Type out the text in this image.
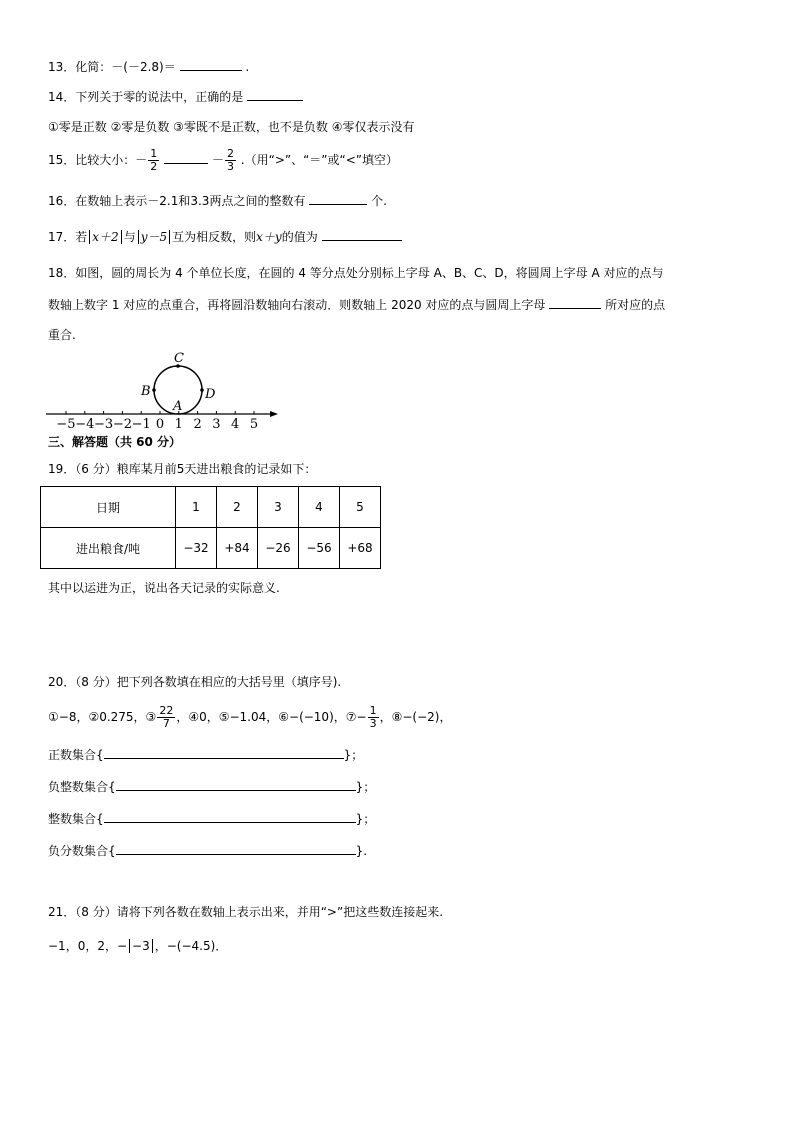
13．化简：－(－2.8)＝	.
14．下列关于零的说法中，正确的是
①零是正数 ②零是负数 ③零既不是正数，也不是负数 ④零仅表示没有
15．比较大小：－ $\frac{1}{2}$	－ $\frac{2}{3}$ .（用“>”、“＝”或“<”填空）
16．在数轴上表示－2.1和3.3两点之间的整数有	个.
17．若 x＋2 与 y－5 互为相反数，则x＋y的值为
18．如图，圆的周长为 4 个单位长度，在圆的 4 等分点处分别标上字母 A、B、C、D，将圆周上字母 A 对应的点与
数轴上数字 1 对应的点重合，再将圆沿数轴向右滚动．则数轴上 2020 对应的点与圆周上字母	所对应的点
重合.
C
B	D
A
−5 −4 −3 −2 −1 0 1 2 3 4 5
三、解答题（共 60 分）
19．（6 分）粮库某月前5天进出粮食的记录如下：
日期	1	2	3	4	5
进出粮食/吨	−32	+84	−26	−56	+68
其中以运进为正，说出各天记录的实际意义.
20．（8 分）把下列各数填在相应的大括号里（填序号).
①−8，②0.275，③ $\frac{22}{7}$ ，④0，⑤−1.04，⑥−(−10)，⑦− $\frac{1}{3}$ ，⑧−(−2)，
正数集合{	}；
负整数集合{	}；
整数集合{	}；
负分数集合{	}.
21．（8 分）请将下列各数在数轴上表示出来，并用“>”把这些数连接起来.
−1，0，2，− −3 ，−(−4.5)．
